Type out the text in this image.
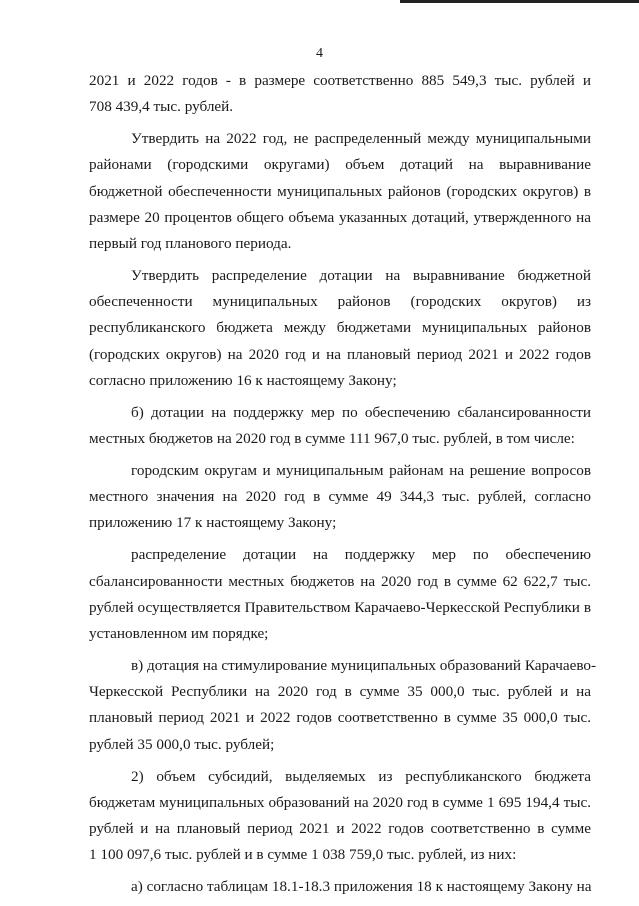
4

2021 и 2022 годов - в размере соответственно 885 549,3 тыс. рублей и
708 439,4 тыс. рублей.

Утвердить на 2022 год, не распределенный между муниципальными
районами (городскими округами) объем дотаций на выравнивание
бюджетной обеспеченности муниципальных районов (городских округов) в
размере 20 процентов общего объема указанных дотаций, утвержденного на
первый год планового периода.

Утвердить распределение дотации на выравнивание бюджетной
обеспеченности муниципальных районов (городских округов) из
республиканского бюджета между бюджетами муниципальных районов
(городских округов) на 2020 год и на плановый период 2021 и 2022 годов
согласно приложению 16 к настоящему Закону;

б) дотации на поддержку мер по обеспечению сбалансированности
местных бюджетов на 2020 год в сумме 111 967,0 тыс. рублей, в том числе:

городским округам и муниципальным районам на решение вопросов
местного значения на 2020 год в сумме 49 344,3 тыс. рублей, согласно
приложению 17 к настоящему Закону;

распределение дотации на поддержку мер по обеспечению
сбалансированности местных бюджетов на 2020 год в сумме 62 622,7 тыс.
рублей осуществляется Правительством Карачаево-Черкесской Республики в
установленном им порядке;

в) дотация на стимулирование муниципальных образований Карачаево-
Черкесской Республики на 2020 год в сумме 35 000,0 тыс. рублей и на
плановый период 2021 и 2022 годов соответственно в сумме 35 000,0 тыс.
рублей 35 000,0 тыс. рублей;

2) объем субсидий, выделяемых из республиканского бюджета
бюджетам муниципальных образований на 2020 год в сумме 1 695 194,4 тыс.
рублей и на плановый период 2021 и 2022 годов соответственно в сумме
1 100 097,6 тыс. рублей и в сумме 1 038 759,0 тыс. рублей, из них:

а) согласно таблицам 18.1-18.3 приложения 18 к настоящему Закону на
